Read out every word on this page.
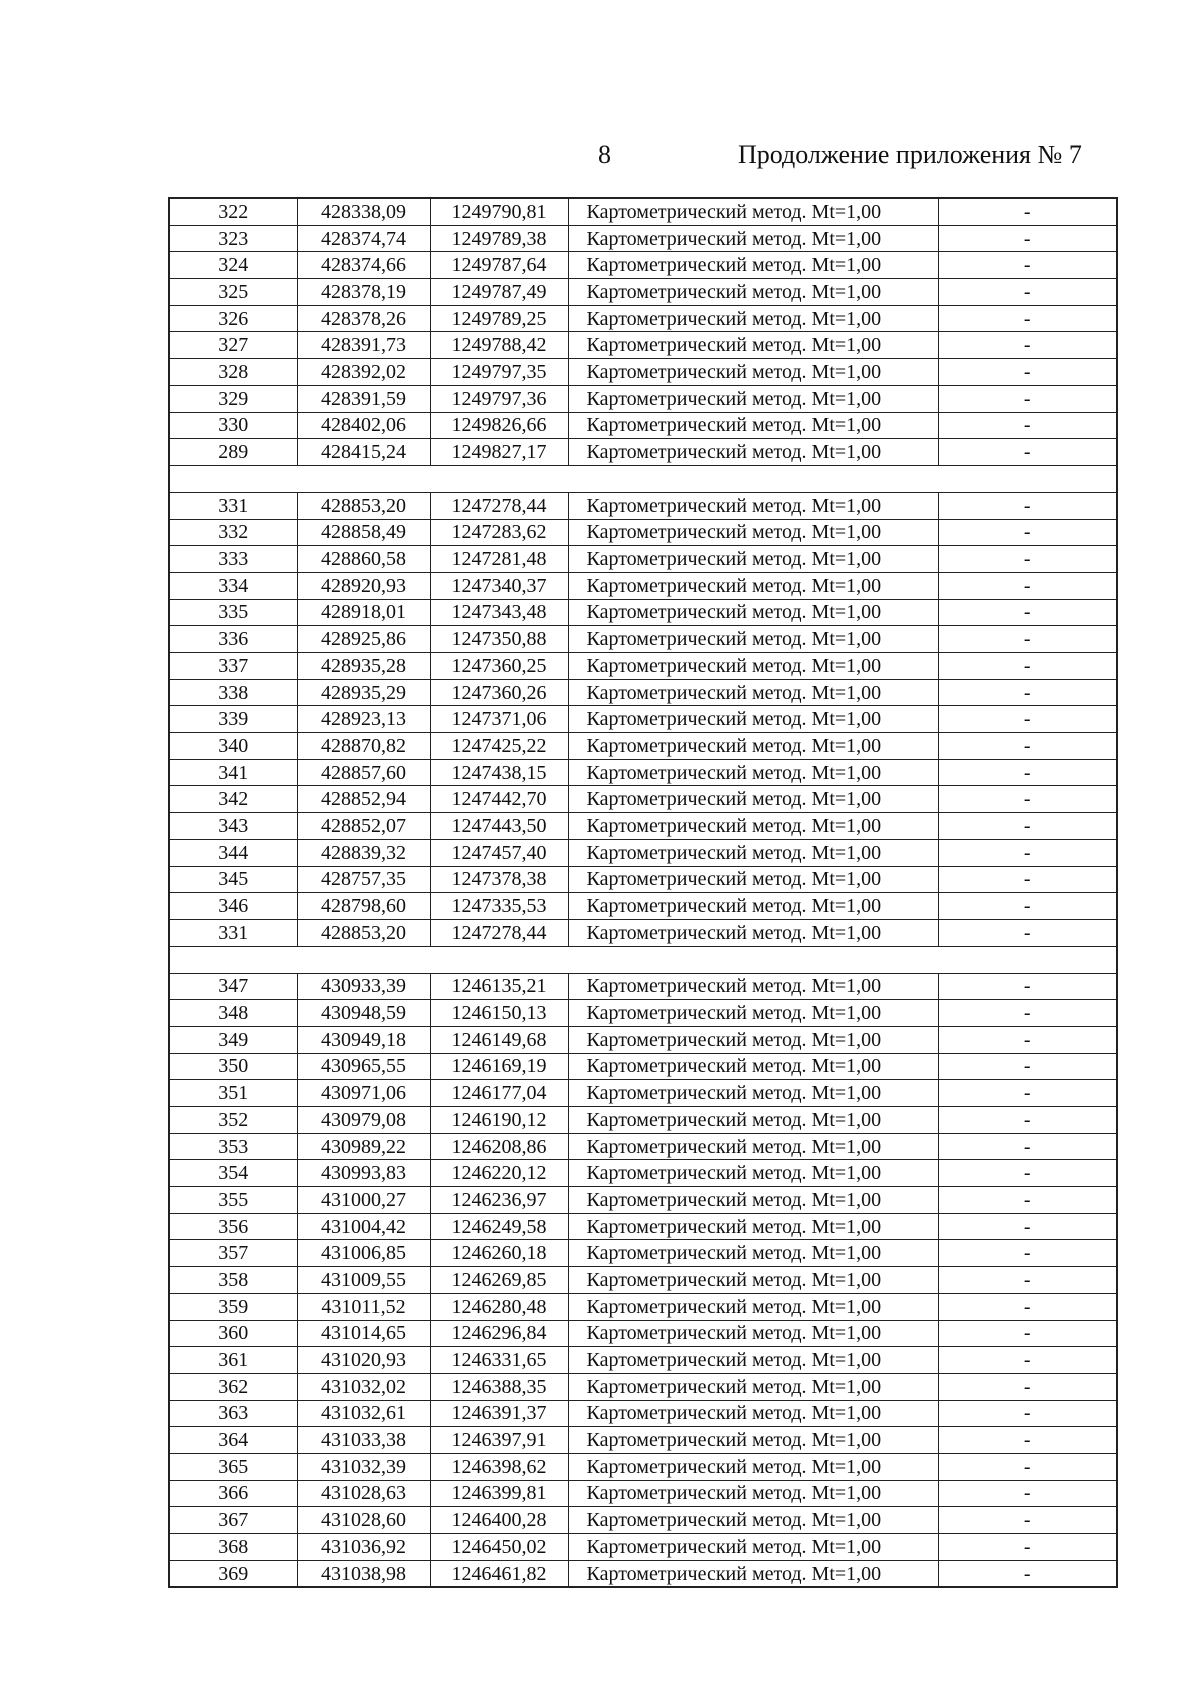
8	Продолжение приложения № 7
322	428338,09	1249790,81	Картометрический метод. Mt=1,00	-
323	428374,74	1249789,38	Картометрический метод. Mt=1,00	-
324	428374,66	1249787,64	Картометрический метод. Mt=1,00	-
325	428378,19	1249787,49	Картометрический метод. Mt=1,00	-
326	428378,26	1249789,25	Картометрический метод. Mt=1,00	-
327	428391,73	1249788,42	Картометрический метод. Mt=1,00	-
328	428392,02	1249797,35	Картометрический метод. Mt=1,00	-
329	428391,59	1249797,36	Картометрический метод. Mt=1,00	-
330	428402,06	1249826,66	Картометрический метод. Mt=1,00	-
289	428415,24	1249827,17	Картометрический метод. Mt=1,00	-

331	428853,20	1247278,44	Картометрический метод. Mt=1,00	-
332	428858,49	1247283,62	Картометрический метод. Mt=1,00	-
333	428860,58	1247281,48	Картометрический метод. Mt=1,00	-
334	428920,93	1247340,37	Картометрический метод. Mt=1,00	-
335	428918,01	1247343,48	Картометрический метод. Mt=1,00	-
336	428925,86	1247350,88	Картометрический метод. Mt=1,00	-
337	428935,28	1247360,25	Картометрический метод. Mt=1,00	-
338	428935,29	1247360,26	Картометрический метод. Mt=1,00	-
339	428923,13	1247371,06	Картометрический метод. Mt=1,00	-
340	428870,82	1247425,22	Картометрический метод. Mt=1,00	-
341	428857,60	1247438,15	Картометрический метод. Mt=1,00	-
342	428852,94	1247442,70	Картометрический метод. Mt=1,00	-
343	428852,07	1247443,50	Картометрический метод. Mt=1,00	-
344	428839,32	1247457,40	Картометрический метод. Mt=1,00	-
345	428757,35	1247378,38	Картометрический метод. Mt=1,00	-
346	428798,60	1247335,53	Картометрический метод. Mt=1,00	-
331	428853,20	1247278,44	Картометрический метод. Mt=1,00	-

347	430933,39	1246135,21	Картометрический метод. Mt=1,00	-
348	430948,59	1246150,13	Картометрический метод. Mt=1,00	-
349	430949,18	1246149,68	Картометрический метод. Mt=1,00	-
350	430965,55	1246169,19	Картометрический метод. Mt=1,00	-
351	430971,06	1246177,04	Картометрический метод. Mt=1,00	-
352	430979,08	1246190,12	Картометрический метод. Mt=1,00	-
353	430989,22	1246208,86	Картометрический метод. Mt=1,00	-
354	430993,83	1246220,12	Картометрический метод. Mt=1,00	-
355	431000,27	1246236,97	Картометрический метод. Mt=1,00	-
356	431004,42	1246249,58	Картометрический метод. Mt=1,00	-
357	431006,85	1246260,18	Картометрический метод. Mt=1,00	-
358	431009,55	1246269,85	Картометрический метод. Mt=1,00	-
359	431011,52	1246280,48	Картометрический метод. Mt=1,00	-
360	431014,65	1246296,84	Картометрический метод. Mt=1,00	-
361	431020,93	1246331,65	Картометрический метод. Mt=1,00	-
362	431032,02	1246388,35	Картометрический метод. Mt=1,00	-
363	431032,61	1246391,37	Картометрический метод. Mt=1,00	-
364	431033,38	1246397,91	Картометрический метод. Mt=1,00	-
365	431032,39	1246398,62	Картометрический метод. Mt=1,00	-
366	431028,63	1246399,81	Картометрический метод. Mt=1,00	-
367	431028,60	1246400,28	Картометрический метод. Mt=1,00	-
368	431036,92	1246450,02	Картометрический метод. Mt=1,00	-
369	431038,98	1246461,82	Картометрический метод. Mt=1,00	-
